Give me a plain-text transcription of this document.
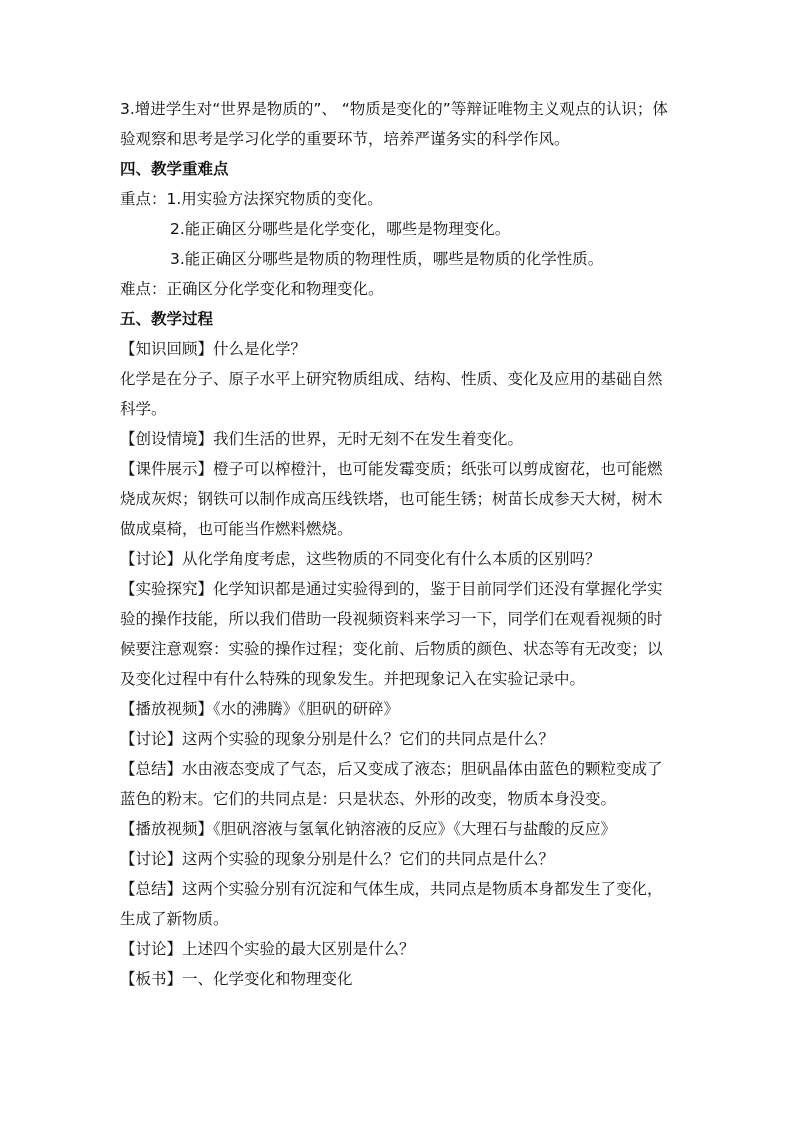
3.增进学生对“世界是物质的”、 “物质是变化的”等辩证唯物主义观点的认识；体

验观察和思考是学习化学的重要环节，培养严谨务实的科学作风。

四、教学重难点

重点：1.用实验方法探究物质的变化。

2.能正确区分哪些是化学变化，哪些是物理变化。

3.能正确区分哪些是物质的物理性质，哪些是物质的化学性质。

难点：正确区分化学变化和物理变化。

五、教学过程

【知识回顾】什么是化学？

化学是在分子、原子水平上研究物质组成、结构、性质、变化及应用的基础自然

科学。

【创设情境】我们生活的世界，无时无刻不在发生着变化。

【课件展示】橙子可以榨橙汁，也可能发霉变质；纸张可以剪成窗花，也可能燃

烧成灰烬；钢铁可以制作成高压线铁塔，也可能生锈；树苗长成参天大树，树木

做成桌椅，也可能当作燃料燃烧。

【讨论】从化学角度考虑，这些物质的不同变化有什么本质的区别吗？

【实验探究】化学知识都是通过实验得到的，鉴于目前同学们还没有掌握化学实

验的操作技能，所以我们借助一段视频资料来学习一下，同学们在观看视频的时

候要注意观察：实验的操作过程；变化前、后物质的颜色、状态等有无改变；以

及变化过程中有什么特殊的现象发生。并把现象记入在实验记录中。

【播放视频】《水的沸腾》《胆矾的研碎》

【讨论】这两个实验的现象分别是什么？它们的共同点是什么？

【总结】水由液态变成了气态，后又变成了液态；胆矾晶体由蓝色的颗粒变成了

蓝色的粉末。它们的共同点是：只是状态、外形的改变，物质本身没变。

【播放视频】《胆矾溶液与氢氧化钠溶液的反应》《大理石与盐酸的反应》

【讨论】这两个实验的现象分别是什么？它们的共同点是什么？

【总结】这两个实验分别有沉淀和气体生成，共同点是物质本身都发生了变化，

生成了新物质。

【讨论】上述四个实验的最大区别是什么？

【板书】一、化学变化和物理变化
